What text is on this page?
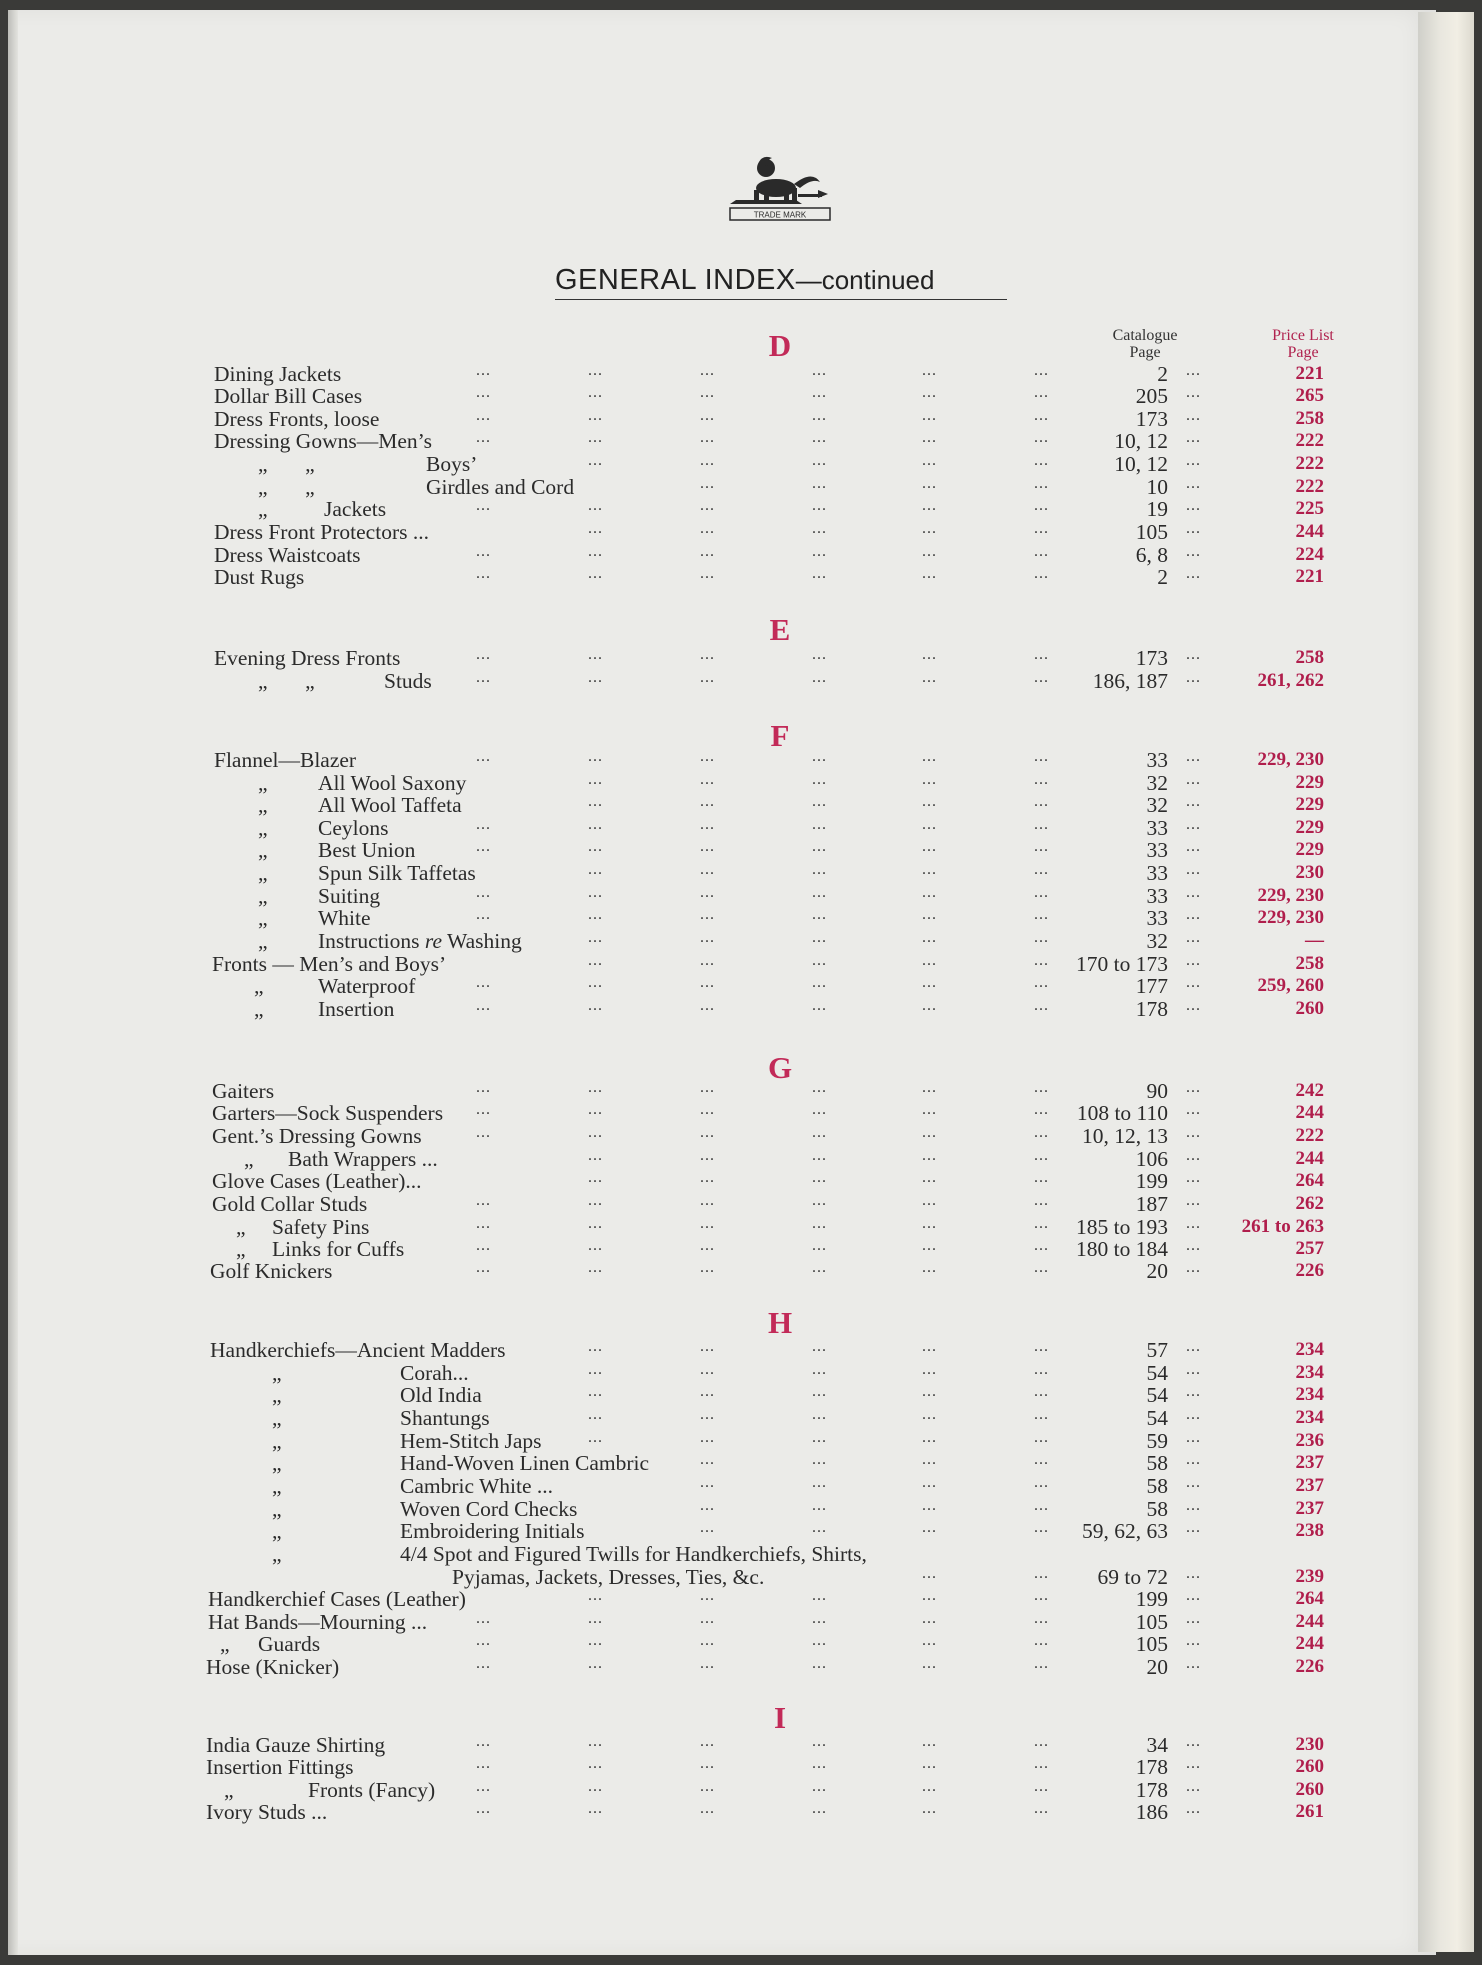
TRADE MARK
GENERAL INDEX—continued
Catalogue
Page
Price List
Page
D
Dining Jackets	...	...	...	...	...	...	2 ...	221
Dollar Bill Cases	...	...	...	...	...	...	205 ...	265
Dress Fronts, loose	...	...	...	...	...	...	173 ...	258
Dressing Gowns—Men’s	...	...	...	...	...	...	10, 12 ...	222
„       „	Boys’	...	...	...	...	...	10, 12 ...	222
„       „	Girdles and Cord	...	...	...	...	10 ...	222
„	Jackets	...	...	...	...	...	...	19 ...	225
Dress Front Protectors ...	...	...	...	...	...	105 ...	244
Dress Waistcoats	...	...	...	...	...	...	6, 8 ...	224
Dust Rugs	...	...	...	...	...	...	2 ...	221
E
Evening Dress Fronts	...	...	...	...	...	...	173 ...	258
„       „	Studs	...	...	...	...	...	...	186, 187 ...	261, 262
F
Flannel—Blazer	...	...	...	...	...	...	33 ...	229, 230
„ All Wool Saxony	...	...	...	...	...	32 ...	229
„ All Wool Taffeta	...	...	...	...	...	32 ...	229
„ Ceylons	...	...	...	...	...	...	33 ...	229
„ Best Union	...	...	...	...	...	...	33 ...	229
„ Spun Silk Taffetas	...	...	...	...	...	33 ...	230
„ Suiting	...	...	...	...	...	...	33 ...	229, 230
„ White	...	...	...	...	...	...	33 ...	229, 230
„ Instructions re Washing	...	...	...	...	...	32 ...	—
Fronts — Men’s and Boys’	...	...	...	...	...	170 to 173 ...	258
„	Waterproof	...	...	...	...	...	...	177 ...	259, 260
„	Insertion	...	...	...	...	...	...	178 ...	260
G
Gaiters	...	...	...	...	...	...	90 ...	242
Garters—Sock Suspenders ...	...	...	...	...	...	108 to 110 ...	244
Gent.’s Dressing Gowns	...	...	...	...	...	...	10, 12, 13 ...	222
„ Bath Wrappers ...	...	...	...	...	...	106 ...	244
Glove Cases (Leather)...	...	...	...	...	...	199 ...	264
Gold Collar Studs	...	...	...	...	...	...	187 ...	262
„ Safety Pins	...	...	...	...	...	...	185 to 193 ...	261 to 263
„ Links for Cuffs	...	...	...	...	...	...	180 to 184 ...	257
Golf Knickers	...	...	...	...	...	...	20 ...	226
H
Handkerchiefs—Ancient Madders	...	...	...	...	...	57 ...	234
„	Corah...	...	...	...	...	...	54 ...	234
„	Old India	...	...	...	...	...	54 ...	234
„	Shantungs	...	...	...	...	...	54 ...	234
„	Hem-Stitch Japs	...	...	...	...	...	59 ...	236
„	Hand-Woven Linen Cambric	...	...	...	...	58 ...	237
„	Cambric White ...	...	...	...	...	58 ...	237
„	Woven Cord Checks	...	...	...	...	58 ...	237
„	Embroidering Initials	...	...	...	...	59, 62, 63 ...	238
„	4/4 Spot and Figured Twills for Handkerchiefs, Shirts,
Pyjamas, Jackets, Dresses, Ties, &c.	...	...	69 to 72 ...	239
Handkerchief Cases (Leather)	...	...	...	...	...	199 ...	264
Hat Bands—Mourning ...	...	...	...	...	...	...	105 ...	244
„ Guards	...	...	...	...	...	...	105 ...	244
Hose (Knicker)	...	...	...	...	...	...	20 ...	226
I
India Gauze Shirting	...	...	...	...	...	...	34 ...	230
Insertion Fittings	...	...	...	...	...	...	178 ...	260
„	Fronts (Fancy)	...	...	...	...	...	...	178 ...	260
Ivory Studs ...	...	...	...	...	...	...	186 ...	261
